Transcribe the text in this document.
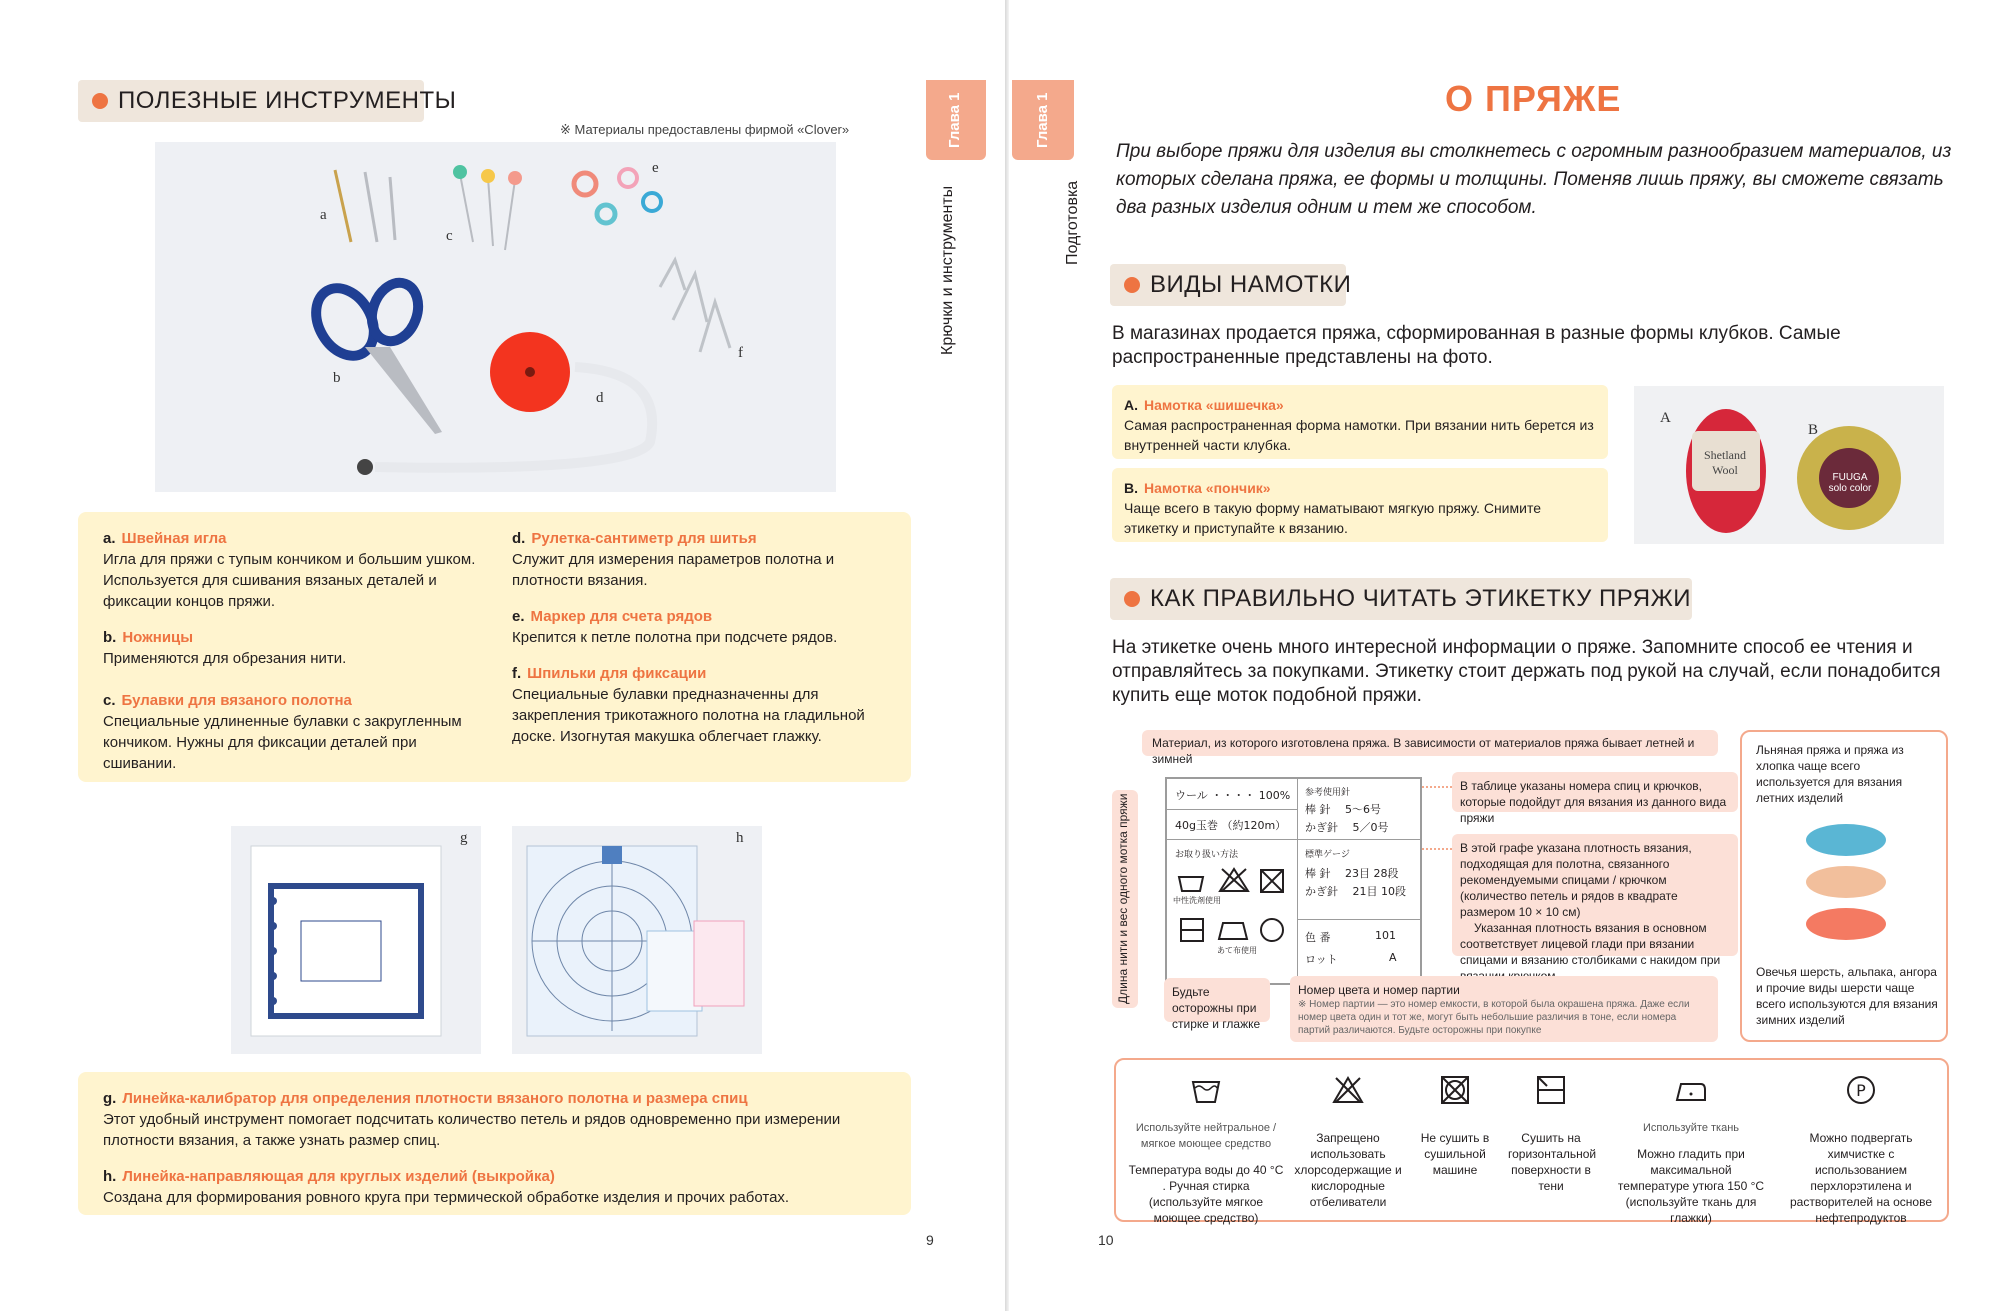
ПОЛЕЗНЫЕ ИНСТРУМЕНТЫ
※ Материалы предоставлены фирмой «Clover»
a
b
c
d
e
f
a. Швейная игла
Игла для пряжи с тупым кончиком и большим ушком. Используется для сшивания вязаных деталей и фиксации концов пряжи.
b. Ножницы
Применяются для обрезания нити.
c. Булавки для вязаного полотна
Специальные удлиненные булавки с закругленным кончиком. Нужны для фиксации деталей при сшивании.
d. Рулетка-сантиметр для шитья
Служит для измерения параметров полотна и плотности вязания.
e. Маркер для счета рядов
Крепится к петле полотна при подсчете рядов.
f. Шпильки для фиксации
Специальные булавки предназначенны для закрепления трикотажного полотна на гладильной доске. Изогнутая макушка облегчает глажку.
g	h
g. Линейка-калибратор для определения плотности вязаного полотна и размера спиц
Этот удобный инструмент помогает подсчитать количество петель и рядов одновременно при измерении плотности вязания, а также узнать размер спиц.
h. Линейка-направляющая для круглых изделий (выкройка)
Создана для формирования ровного круга при термической обработке изделия и прочих работах.
9
Глава 1
Крючки и инструменты
Глава 1
Подготовка
О ПРЯЖЕ
При выборе пряжи для изделия вы столкнетесь с огромным разнообразием материалов, из которых сделана пряжа, ее формы и толщины. Поменяв лишь пряжу, вы сможете связать два разных изделия одним и тем же способом.
ВИДЫ НАМОТКИ
В магазинах продается пряжа, сформированная в разные формы клубков. Самые распространенные представлены на фото.
A. Намотка «шишечка»
Самая распространенная форма намотки. При вязании нить берется из внутренней части клубка.
B. Намотка «пончик»
Чаще всего в такую форму наматывают мягкую пряжу. Снимите этикетку и приступайте к вязанию.
Shetland Wool
FUUGA solo color
A
B
КАК ПРАВИЛЬНО ЧИТАТЬ ЭТИКЕТКУ ПРЯЖИ
На этикетке очень много интересной информации о пряже. Запомните способ ее чтения и отправляйтесь за покупками. Этикетку стоит держать под рукой на случай, если понадобится купить еще моток подобной пряжи.
Материал, из которого изготовлена пряжа. В зависимости от материалов пряжа бывает летней и зимней
Длина нити и вес одного мотка пряжи	ウール ・・・・ 100%
40g玉巻 （約120m）
お取り扱い方法
参考使用針
棒 針　 5〜6号
かぎ針　 5／0号
標準ゲージ
棒 針　 23目 28段
かぎ針　 21目 10段
色 番	101
ロット	A
中性洗剤使用
あて布使用
В таблице указаны номера спиц и крючков, которые подойдут для вязания из данного вида пряжи
В этой графе указана плотность вязания, подходящая для полотна, связанного рекомендуемыми спицами / крючком (количество петель и рядов в квадрате размером 10 × 10 см)
Указанная плотность вязания в основном соответствует лицевой глади при вязании спицами и вязанию столбиками с накидом при
Будьте осторожны при стирке и глажке
Номер цвета и номер партии
※ Номер партии — это номер емкости, в которой была окрашена пряжа. Даже если номер цвета один и тот же, могут быть небольшие различия в тоне, если номера партий различаются. Будьте осторожны при покупке
Льняная пряжа и пряжа из хлопка чаще всего используется для вязания летних изделий
Овечья шерсть, альпака, ангора и прочие виды шерсти чаще всего используются для вязания зимних изделий
Используйте нейтральное / мягкое моющее средство
Температура воды до 40 °С . Ручная стирка (используйте мягкое моющее средство)
Запрещено использовать хлорсодержащие и кислородные отбеливатели
Не сушить в сушильной машине
Сушить на горизонтальной поверхности в тени
Используйте ткань
Можно гладить при максимальной температуре утюга 150 °С (используйте ткань для глажки)
P
Можно подвергать химчистке с использованием перхлорэтилена и растворителей на основе нефтепродуктов
10
